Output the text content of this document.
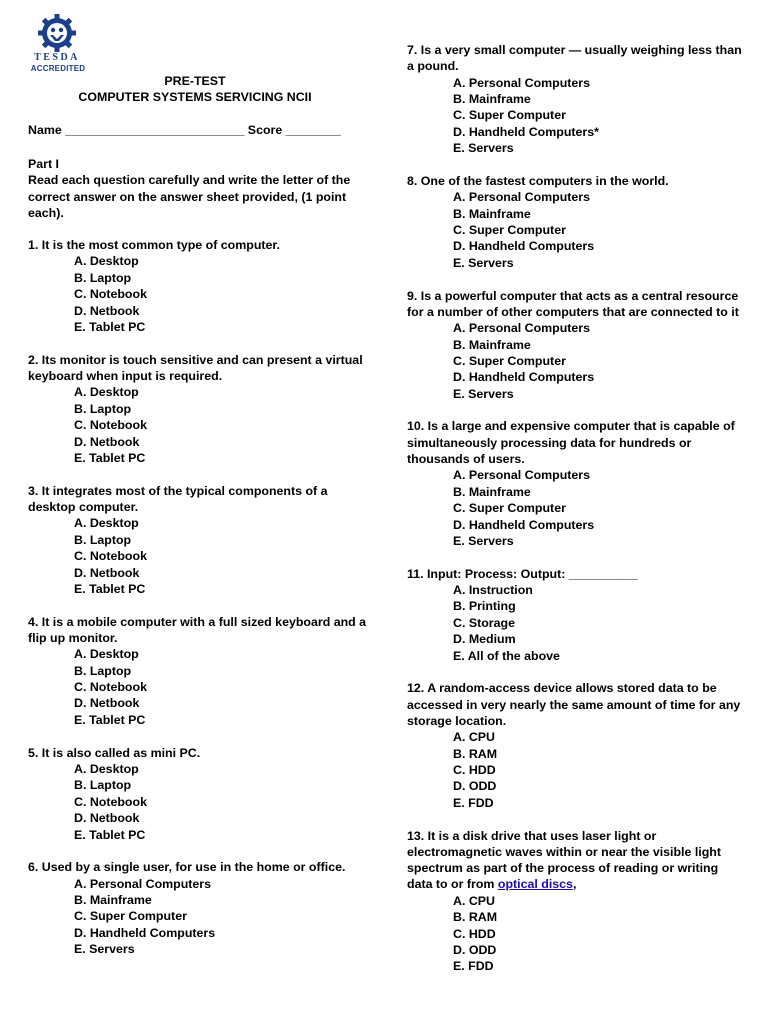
TESDA
ACCREDITED
PRE-TEST
COMPUTER SYSTEMS SERVICING NCII
Name __________________________ Score ________
Part I
Read each question carefully and write the letter of the correct answer on the answer sheet provided, (1 point each).
1. It is the most common type of computer.
A. Desktop
B. Laptop
C. Notebook
D. Netbook
E. Tablet PC
2. Its monitor is touch sensitive and can present a virtual keyboard when input is required.
A. Desktop
B. Laptop
C. Notebook
D. Netbook
E. Tablet PC
3. It integrates most of the typical components of a desktop computer.
A. Desktop
B. Laptop
C. Notebook
D. Netbook
E. Tablet PC
4. It is a mobile computer with a full sized keyboard and a flip up monitor.
A. Desktop
B. Laptop
C. Notebook
D. Netbook
E. Tablet PC
5. It is also called as mini PC.
A. Desktop
B. Laptop
C. Notebook
D. Netbook
E. Tablet PC
6. Used by a single user, for use in the home or office.
A. Personal Computers
B. Mainframe
C. Super Computer
D. Handheld Computers
E. Servers
7. Is a very small computer — usually weighing less than a pound.
A. Personal Computers
B. Mainframe
C. Super Computer
D. Handheld Computers*
E. Servers
8. One of the fastest computers in the world.
A. Personal Computers
B. Mainframe
C. Super Computer
D. Handheld Computers
E. Servers
9. Is a powerful computer that acts as a central resource for a number of other computers that are connected to it
A. Personal Computers
B. Mainframe
C. Super Computer
D. Handheld Computers
E. Servers
10. Is a large and expensive computer that is capable of simultaneously processing data for hundreds or thousands of users.
A. Personal Computers
B. Mainframe
C. Super Computer
D. Handheld Computers
E. Servers
11. Input: Process: Output: __________
A. Instruction
B. Printing
C. Storage
D. Medium
E. All of the above
12. A random-access device allows stored data to be accessed in very nearly the same amount of time for any storage location.
A. CPU
B. RAM
C. HDD
D. ODD
E. FDD
13. It is a disk drive that uses laser light or electromagnetic waves within or near the visible light spectrum as part of the process of reading or writing data to or from optical discs,
A. CPU
B. RAM
C. HDD
D. ODD
E. FDD
